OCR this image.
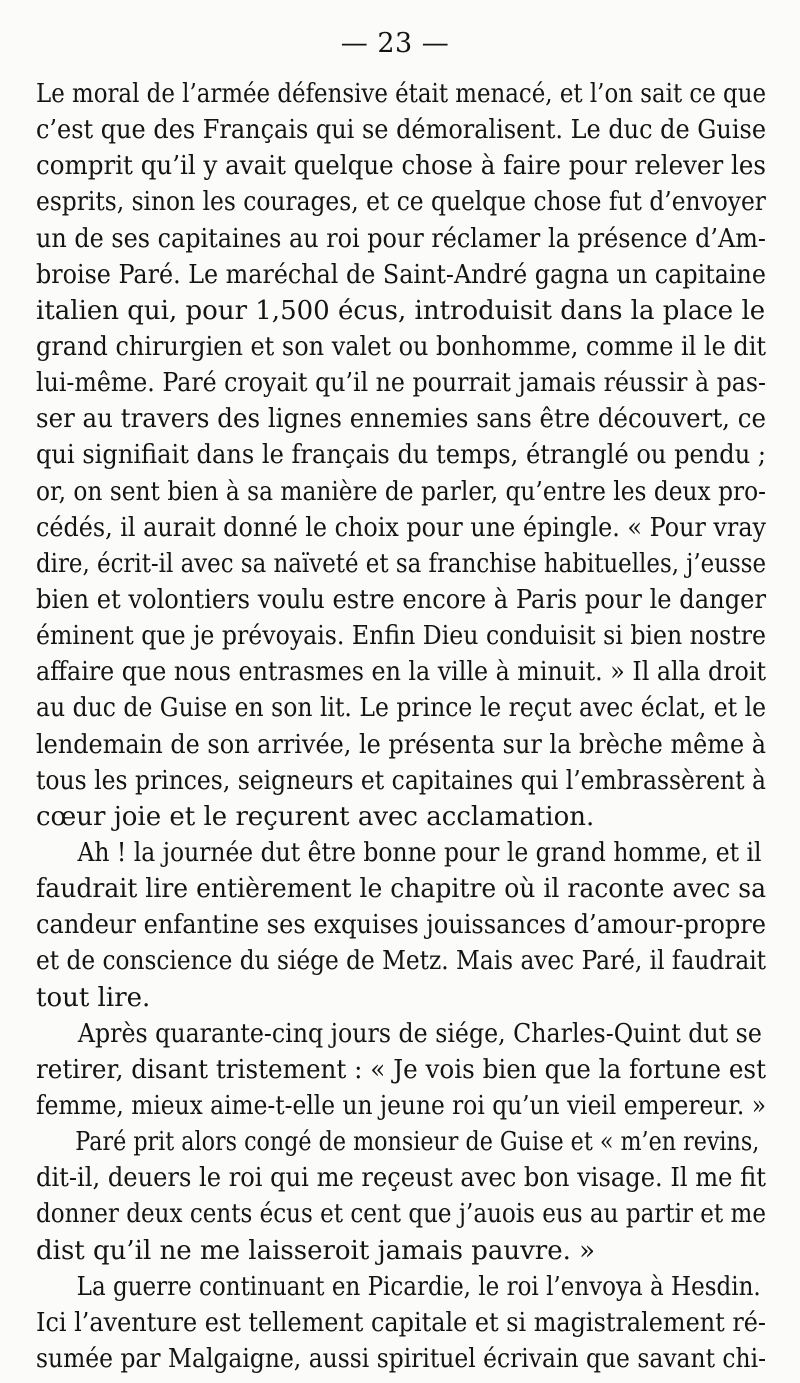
— 23 —
Le moral de l’armée défensive était menacé, et l’on sait ce que
c’est que des Français qui se démoralisent. Le duc de Guise
comprit qu’il y avait quelque chose à faire pour relever les
esprits, sinon les courages, et ce quelque chose fut d’envoyer
un de ses capitaines au roi pour réclamer la présence d’Am-
broise Paré. Le maréchal de Saint-André gagna un capitaine
italien qui, pour 1,500 écus, introduisit dans la place le
grand chirurgien et son valet ou bonhomme, comme il le dit
lui-même. Paré croyait qu’il ne pourrait jamais réussir à pas-
ser au travers des lignes ennemies sans être découvert, ce
qui signifiait dans le français du temps, étranglé ou pendu ;
or, on sent bien à sa manière de parler, qu’entre les deux pro-
cédés, il aurait donné le choix pour une épingle. « Pour vray
dire, écrit-il avec sa naïveté et sa franchise habituelles, j’eusse
bien et volontiers voulu estre encore à Paris pour le danger
éminent que je prévoyais. Enfin Dieu conduisit si bien nostre
affaire que nous entrasmes en la ville à minuit. » Il alla droit
au duc de Guise en son lit. Le prince le reçut avec éclat, et le
lendemain de son arrivée, le présenta sur la brèche même à
tous les princes, seigneurs et capitaines qui l’embrassèrent à
cœur joie et le reçurent avec acclamation.
Ah ! la journée dut être bonne pour le grand homme, et il
faudrait lire entièrement le chapitre où il raconte avec sa
candeur enfantine ses exquises jouissances d’amour-propre
et de conscience du siége de Metz. Mais avec Paré, il faudrait
tout lire.
Après quarante-cinq jours de siége, Charles-Quint dut se
retirer, disant tristement : « Je vois bien que la fortune est
femme, mieux aime-t-elle un jeune roi qu’un vieil empereur. »
Paré prit alors congé de monsieur de Guise et « m’en revins,
dit-il, deuers le roi qui me reçeust avec bon visage. Il me fit
donner deux cents écus et cent que j’auois eus au partir et me
dist qu’il ne me laisseroit jamais pauvre. »
La guerre continuant en Picardie, le roi l’envoya à Hesdin.
Ici l’aventure est tellement capitale et si magistralement ré-
sumée par Malgaigne, aussi spirituel écrivain que savant chi-
